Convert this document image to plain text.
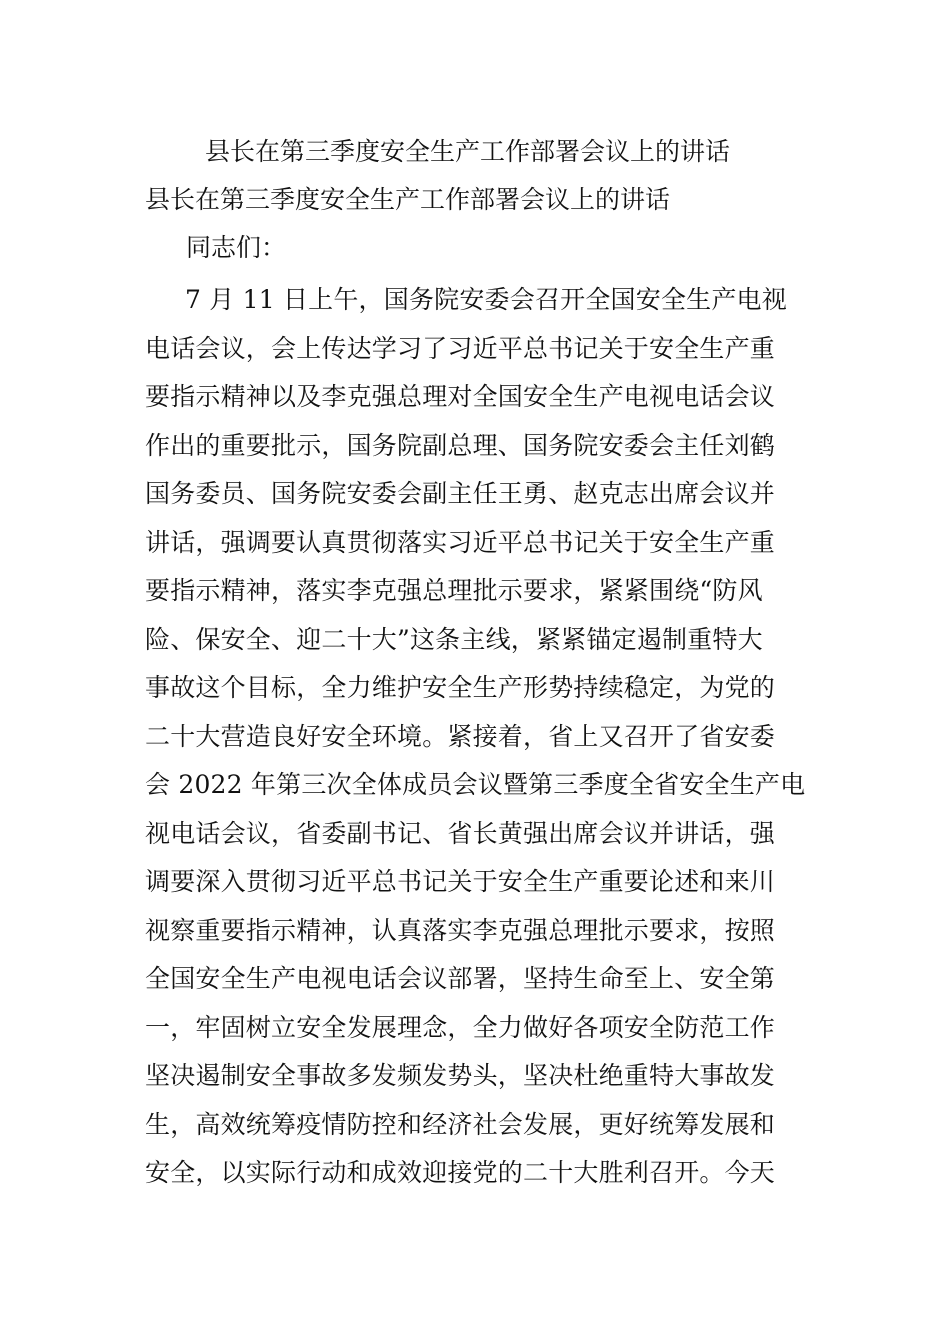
县长在第三季度安全生产工作部署会议上的讲话
县长在第三季度安全生产工作部署会议上的讲话

同志们：

7 月 11 日上午，国务院安委会召开全国安全生产电视
电话会议，会上传达学习了习近平总书记关于安全生产重
要指示精神以及李克强总理对全国安全生产电视电话会议
作出的重要批示，国务院副总理、国务院安委会主任刘鹤
国务委员、国务院安委会副主任王勇、赵克志出席会议并
讲话，强调要认真贯彻落实习近平总书记关于安全生产重
要指示精神，落实李克强总理批示要求，紧紧围绕“防风
险、保安全、迎二十大”这条主线，紧紧锚定遏制重特大
事故这个目标，全力维护安全生产形势持续稳定，为党的
二十大营造良好安全环境。紧接着，省上又召开了省安委
会 2022 年第三次全体成员会议暨第三季度全省安全生产电
视电话会议，省委副书记、省长黄强出席会议并讲话，强
调要深入贯彻习近平总书记关于安全生产重要论述和来川
视察重要指示精神，认真落实李克强总理批示要求，按照
全国安全生产电视电话会议部署，坚持生命至上、安全第
一，牢固树立安全发展理念，全力做好各项安全防范工作
坚决遏制安全事故多发频发势头，坚决杜绝重特大事故发
生，高效统筹疫情防控和经济社会发展，更好统筹发展和
安全，以实际行动和成效迎接党的二十大胜利召开。今天
